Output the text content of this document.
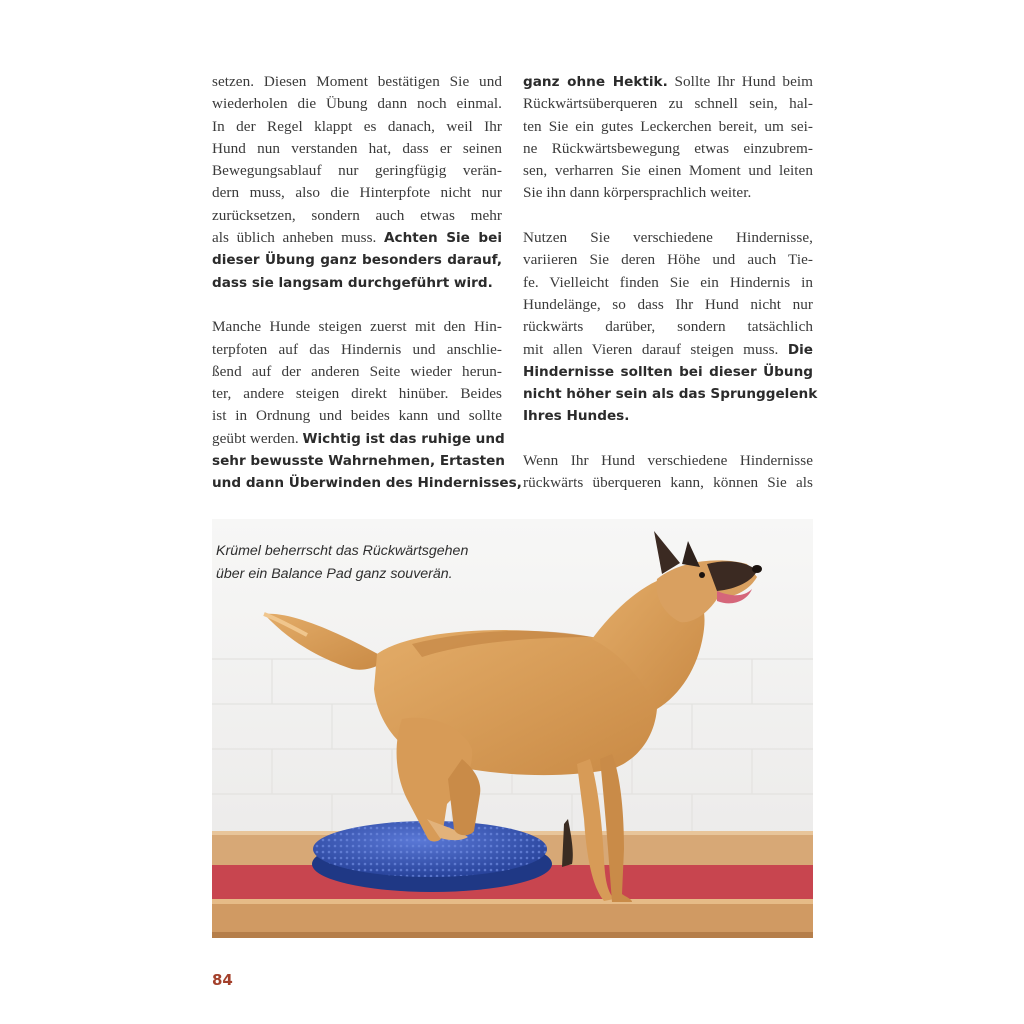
setzen. Diesen Moment bestätigen Sie und
wiederholen die Übung dann noch einmal.
In der Regel klappt es danach, weil Ihr
Hund nun verstanden hat, dass er seinen
Bewegungsablauf nur geringfügig verän-
dern muss, also die Hinterpfote nicht nur
zurücksetzen, sondern auch etwas mehr
als üblich anheben muss. Achten Sie bei
dieser Übung ganz besonders darauf,
dass sie langsam durchgeführt wird.

Manche Hunde steigen zuerst mit den Hin-
terpfoten auf das Hindernis und anschlie-
ßend auf der anderen Seite wieder herun-
ter, andere steigen direkt hinüber. Beides
ist in Ordnung und beides kann und sollte
geübt werden. Wichtig ist das ruhige und
sehr bewusste Wahrnehmen, Ertasten
und dann Überwinden des Hindernisses,

ganz ohne Hektik. Sollte Ihr Hund beim
Rückwärtsüberqueren zu schnell sein, hal-
ten Sie ein gutes Leckerchen bereit, um sei-
ne Rückwärtsbewegung etwas einzubrem-
sen, verharren Sie einen Moment und leiten
Sie ihn dann körpersprachlich weiter.

Nutzen Sie verschiedene Hindernisse,
variieren Sie deren Höhe und auch Tie-
fe. Vielleicht finden Sie ein Hindernis in
Hundelänge, so dass Ihr Hund nicht nur
rückwärts darüber, sondern tatsächlich
mit allen Vieren darauf steigen muss. Die
Hindernisse sollten bei dieser Übung
nicht höher sein als das Sprunggelenk
Ihres Hundes.

Wenn Ihr Hund verschiedene Hindernisse
rückwärts überqueren kann, können Sie als

Krümel beherrscht das Rückwärtsgehen
über ein Balance Pad ganz souverän.
84
